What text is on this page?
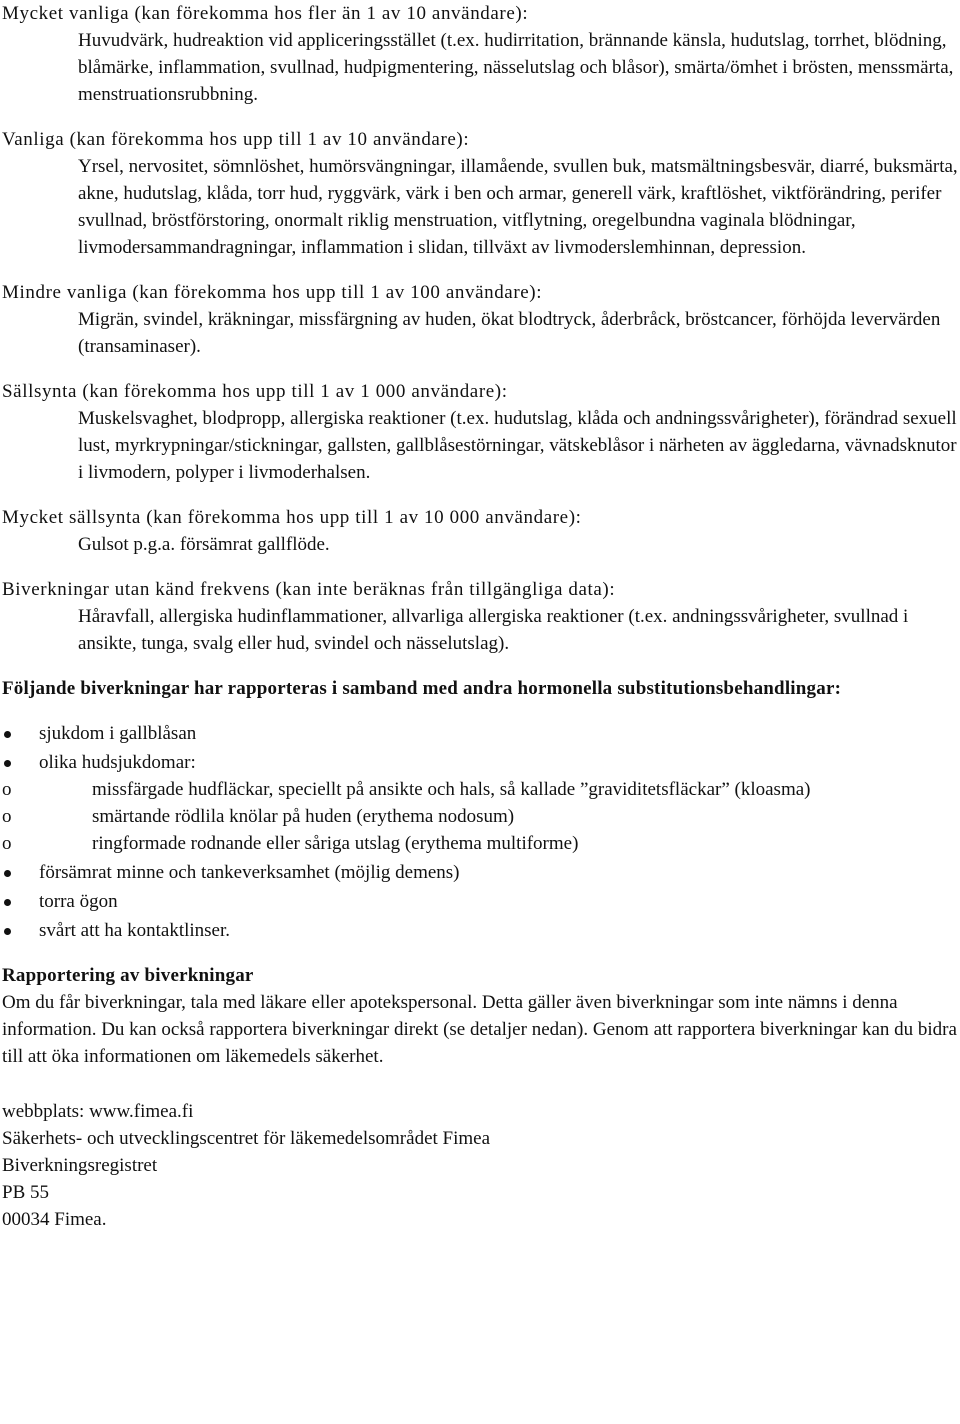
Mycket vanliga (kan förekomma hos fler än 1 av 10 användare):
Huvudvärk, hudreaktion vid appliceringsstället (t.ex. hudirritation, brännande känsla, hudutslag, torrhet, blödning, blåmärke, inflammation, svullnad, hudpigmentering, nässelutslag och blåsor), smärta/ömhet i brösten, menssmärta, menstruationsrubbning.
Vanliga (kan förekomma hos upp till 1 av 10 användare):
Yrsel, nervositet, sömnlöshet, humörsvängningar, illamående, svullen buk, matsmältningsbesvär, diarré, buksmärta, akne, hudutslag, klåda, torr hud, ryggvärk, värk i ben och armar, generell värk, kraftlöshet, viktförändring, perifer svullnad, bröstförstoring, onormalt riklig menstruation, vitflytning, oregelbundna vaginala blödningar, livmodersammandragningar, inflammation i slidan, tillväxt av livmoderslemhinnan, depression.
Mindre vanliga (kan förekomma hos upp till 1 av 100 användare):
Migrän, svindel, kräkningar, missfärgning av huden, ökat blodtryck, åderbråck, bröstcancer, förhöjda levervärden (transaminaser).
Sällsynta (kan förekomma hos upp till 1 av 1 000 användare):
Muskelsvaghet, blodpropp, allergiska reaktioner (t.ex. hudutslag, klåda och andningssvårigheter), förändrad sexuell lust, myrkrypningar/stickningar, gallsten, gallblåsestörningar, vätskeblåsor i närheten av äggledarna, vävnadsknutor i livmodern, polyper i livmoderhalsen.
Mycket sällsynta (kan förekomma hos upp till 1 av 10 000 användare):
Gulsot p.g.a. försämrat gallflöde.
Biverkningar utan känd frekvens (kan inte beräknas från tillgängliga data):
Håravfall, allergiska hudinflammationer, allvarliga allergiska reaktioner (t.ex. andningssvårigheter, svullnad i ansikte, tunga, svalg eller hud, svindel och nässelutslag).
Följande biverkningar har rapporteras i samband med andra hormonella substitutionsbehandlingar:
sjukdom i gallblåsan
olika hudsjukdomar:
o	missfärgade hudfläckar, speciellt på ansikte och hals, så kallade ”graviditetsfläckar” (kloasma)
o	smärtande rödlila knölar på huden (erythema nodosum)
o	ringformade rodnande eller såriga utslag (erythema multiforme)
försämrat minne och tankeverksamhet (möjlig demens)
torra ögon
svårt att ha kontaktlinser.
Rapportering av biverkningar
Om du får biverkningar, tala med läkare eller apotekspersonal. Detta gäller även biverkningar som inte nämns i denna information. Du kan också rapportera biverkningar direkt (se detaljer nedan). Genom att rapportera biverkningar kan du bidra till att öka informationen om läkemedels säkerhet.
webbplats: www.fimea.fi
Säkerhets- och utvecklingscentret för läkemedelsområdet Fimea
Biverkningsregistret
PB 55
00034 Fimea.
